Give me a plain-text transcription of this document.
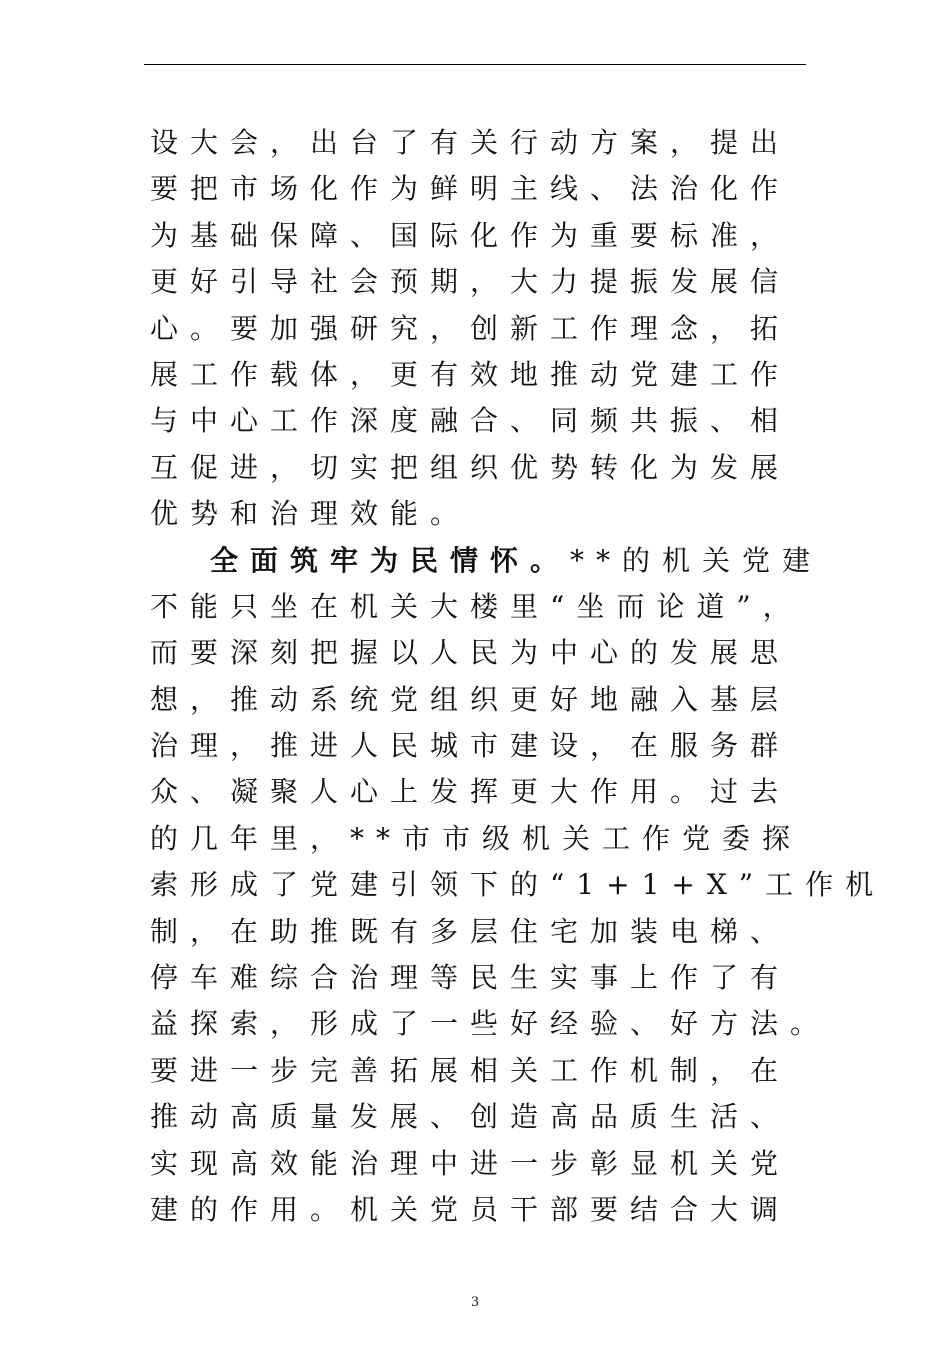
设大会，出台了有关行动方案，提出
要把市场化作为鲜明主线、法治化作
为基础保障、国际化作为重要标准，
更好引导社会预期，大力提振发展信
心。要加强研究，创新工作理念，拓
展工作载体，更有效地推动党建工作
与中心工作深度融合、同频共振、相
互促进，切实把组织优势转化为发展
优势和治理效能。
全面筑牢为民情怀。**的机关党建
不能只坐在机关大楼里“坐而论道”，
而要深刻把握以人民为中心的发展思
想，推动系统党组织更好地融入基层
治理，推进人民城市建设，在服务群
众、凝聚人心上发挥更大作用。过去
的几年里，**市市级机关工作党委探
索形成了党建引领下的“1+1+X”工作机
制，在助推既有多层住宅加装电梯、
停车难综合治理等民生实事上作了有
益探索，形成了一些好经验、好方法。
要进一步完善拓展相关工作机制，在
推动高质量发展、创造高品质生活、
实现高效能治理中进一步彰显机关党
建的作用。机关党员干部要结合大调
3
